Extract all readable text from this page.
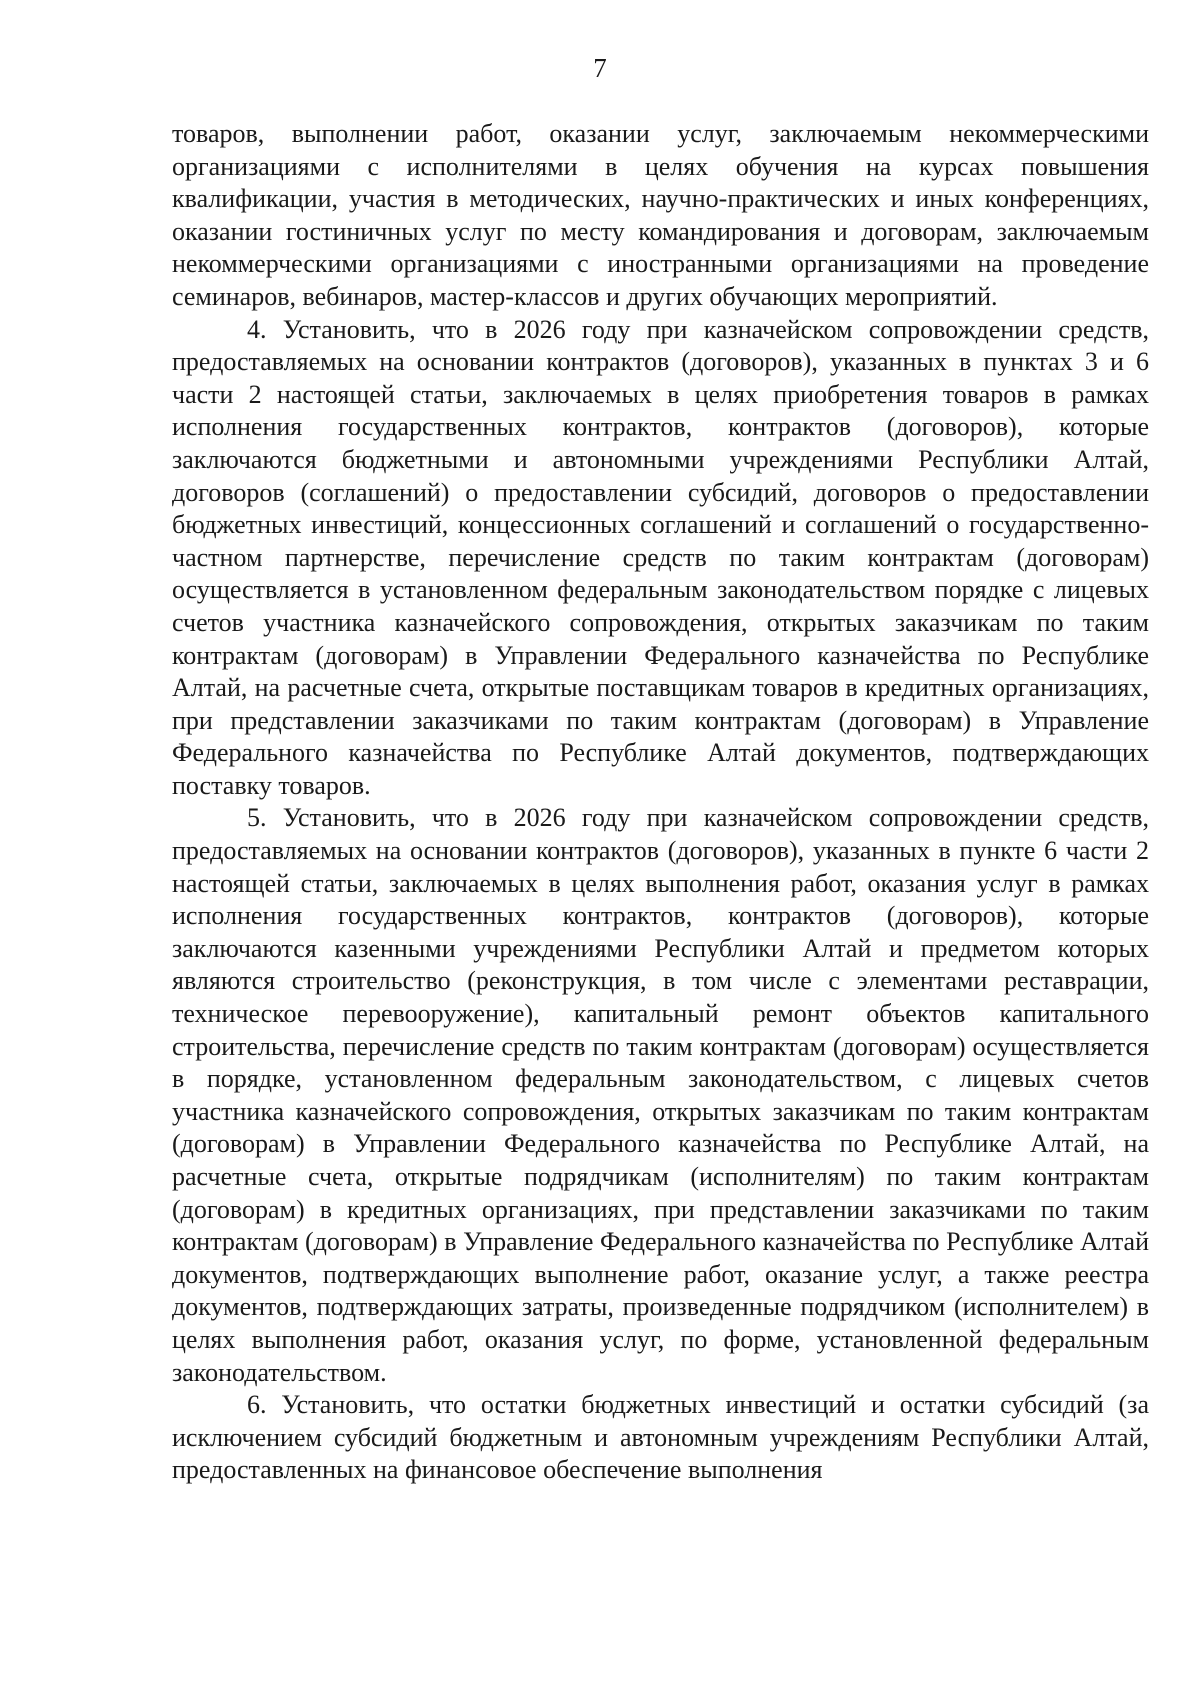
7

товаров, выполнении работ, оказании услуг, заключаемым некоммерческими организациями с исполнителями в целях обучения на курсах повышения квалификации, участия в методических, научно-практических и иных конференциях, оказании гостиничных услуг по месту командирования и договорам, заключаемым некоммерческими организациями с иностранными организациями на проведение семинаров, вебинаров, мастер-классов и других обучающих мероприятий.

4. Установить, что в 2026 году при казначейском сопровождении средств, предоставляемых на основании контрактов (договоров), указанных в пунктах 3 и 6 части 2 настоящей статьи, заключаемых в целях приобретения товаров в рамках исполнения государственных контрактов, контрактов (договоров), которые заключаются бюджетными и автономными учреждениями Республики Алтай, договоров (соглашений) о предоставлении субсидий, договоров о предоставлении бюджетных инвестиций, концессионных соглашений и соглашений о государственно-частном партнерстве, перечисление средств по таким контрактам (договорам) осуществляется в установленном федеральным законодательством порядке с лицевых счетов участника казначейского сопровождения, открытых заказчикам по таким контрактам (договорам) в Управлении Федерального казначейства по Республике Алтай, на расчетные счета, открытые поставщикам товаров в кредитных организациях, при представлении заказчиками по таким контрактам (договорам) в Управление Федерального казначейства по Республике Алтай документов, подтверждающих поставку товаров.

5. Установить, что в 2026 году при казначейском сопровождении средств, предоставляемых на основании контрактов (договоров), указанных в пункте 6 части 2 настоящей статьи, заключаемых в целях выполнения работ, оказания услуг в рамках исполнения государственных контрактов, контрактов (договоров), которые заключаются казенными учреждениями Республики Алтай и предметом которых являются строительство (реконструкция, в том числе с элементами реставрации, техническое перевооружение), капитальный ремонт объектов капитального строительства, перечисление средств по таким контрактам (договорам) осуществляется в порядке, установленном федеральным законодательством, с лицевых счетов участника казначейского сопровождения, открытых заказчикам по таким контрактам (договорам) в Управлении Федерального казначейства по Республике Алтай, на расчетные счета, открытые подрядчикам (исполнителям) по таким контрактам (договорам) в кредитных организациях, при представлении заказчиками по таким контрактам (договорам) в Управление Федерального казначейства по Республике Алтай документов, подтверждающих выполнение работ, оказание услуг, а также реестра документов, подтверждающих затраты, произведенные подрядчиком (исполнителем) в целях выполнения работ, оказания услуг, по форме, установленной федеральным законодательством.

6. Установить, что остатки бюджетных инвестиций и остатки субсидий (за исключением субсидий бюджетным и автономным учреждениям Республики Алтай, предоставленных на финансовое обеспечение выполнения
